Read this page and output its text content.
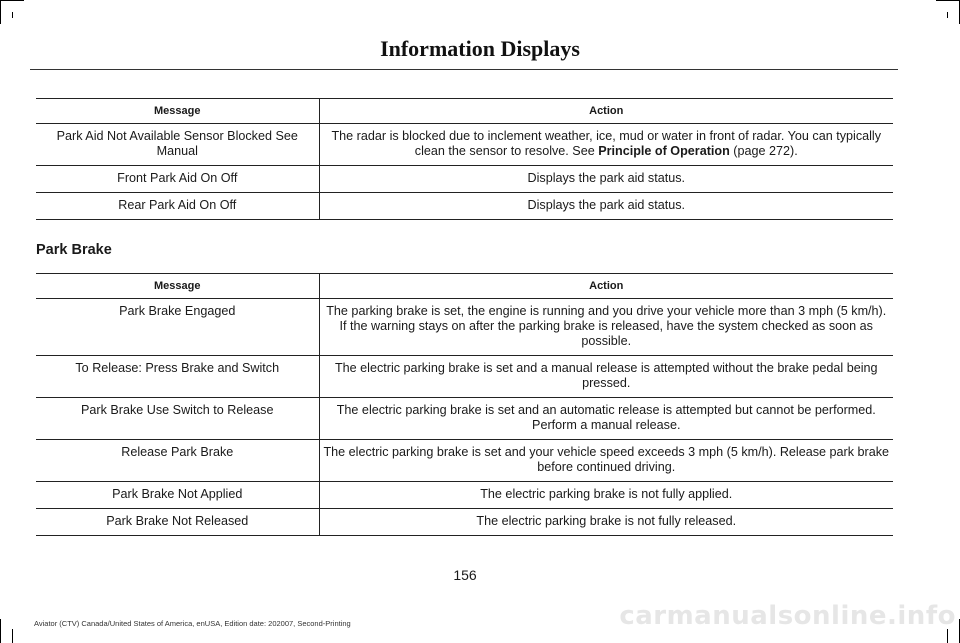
Information Displays
Message	Action
Park Aid Not Available Sensor Blocked See Manual	The radar is blocked due to inclement weather, ice, mud or water in front of radar. You can typically clean the sensor to resolve. See Principle of Operation (page 272).
Front Park Aid On Off	Displays the park aid status.
Rear Park Aid On Off	Displays the park aid status.
Park Brake
Message	Action
Park Brake Engaged	The parking brake is set, the engine is running and you drive your vehicle more than 3 mph (5 km/h). If the warning stays on after the parking brake is released, have the system checked as soon as possible.
To Release: Press Brake and Switch	The electric parking brake is set and a manual release is attempted without the brake pedal being pressed.
Park Brake Use Switch to Release	The electric parking brake is set and an automatic release is attempted but cannot be performed. Perform a manual release.
Release Park Brake	The electric parking brake is set and your vehicle speed exceeds 3 mph (5 km/h). Release park brake before continued driving.
Park Brake Not Applied	The electric parking brake is not fully applied.
Park Brake Not Released	The electric parking brake is not fully released.
156
Aviator (CTV) Canada/United States of America, enUSA, Edition date: 202007, Second-Printing	carmanualsonline.info
